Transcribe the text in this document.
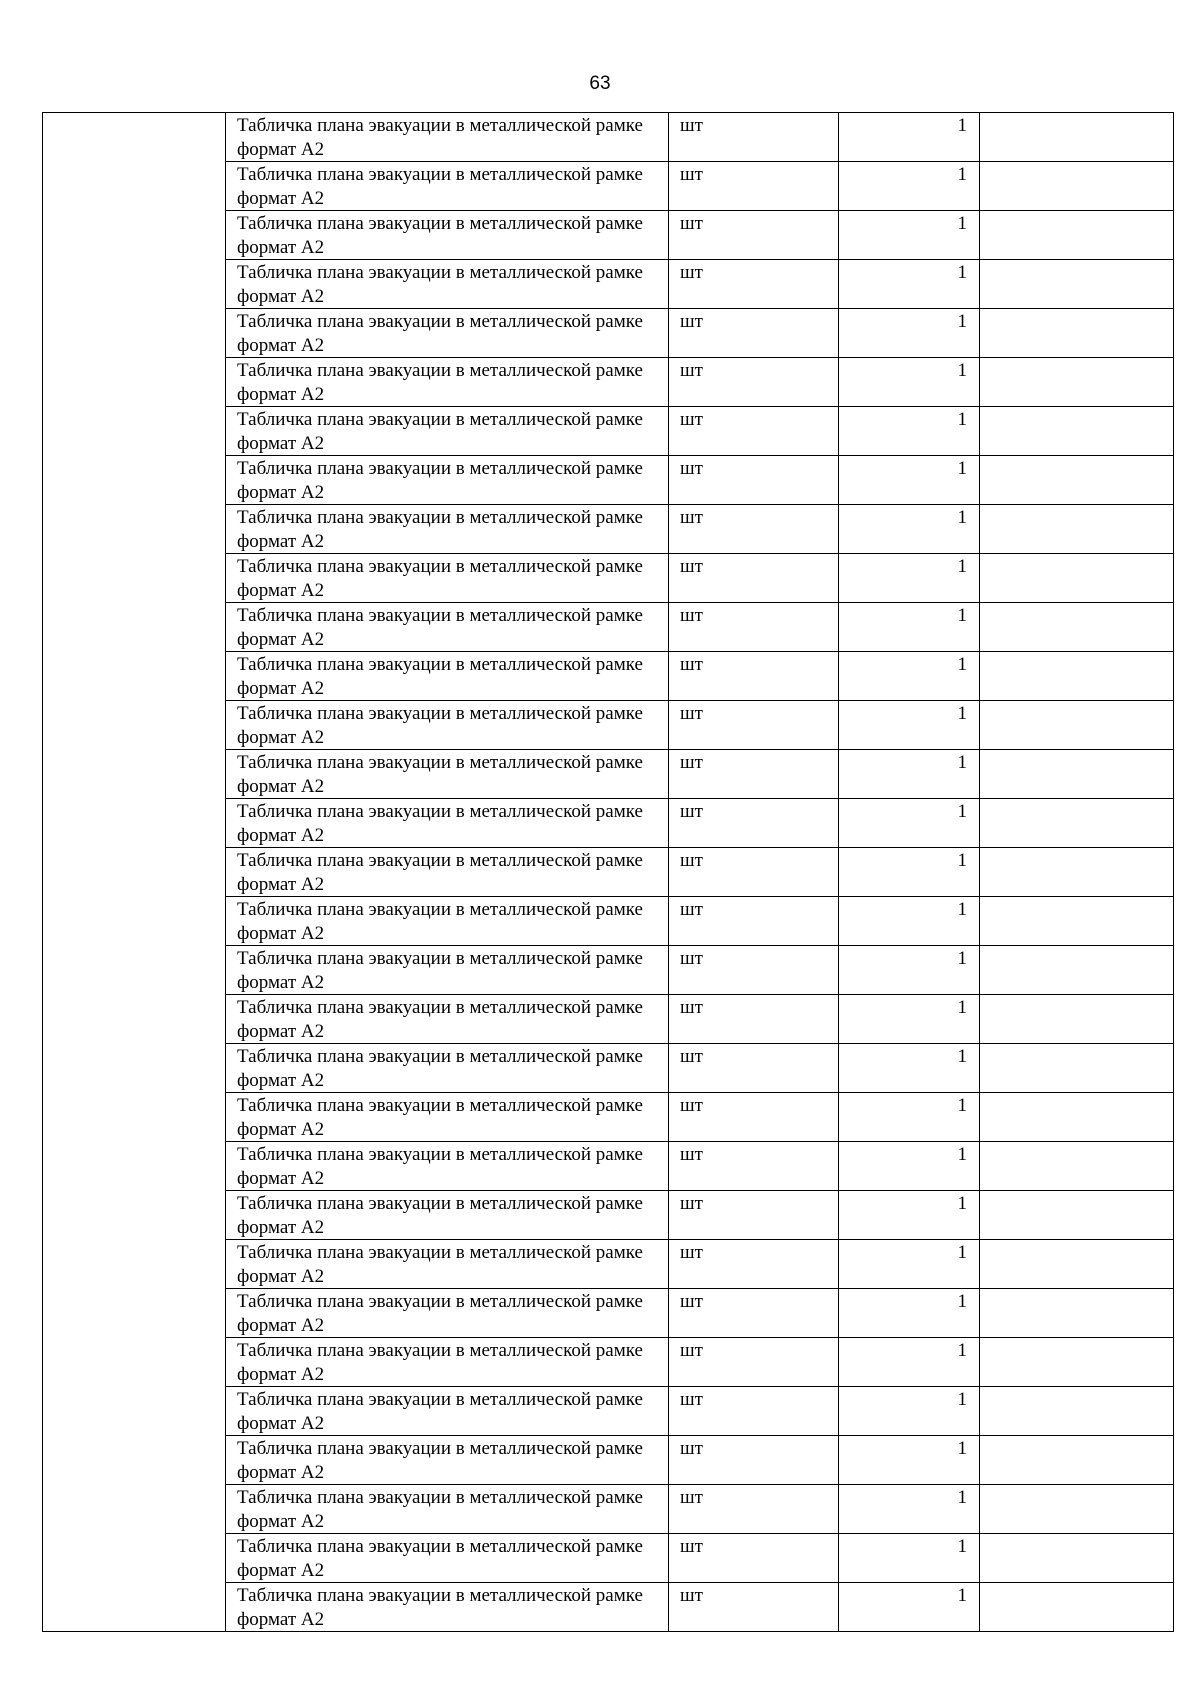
63
	Табличка плана эвакуации в металлической рамке формат А2	шт	1	
	Табличка плана эвакуации в металлической рамке формат А2	шт	1	
	Табличка плана эвакуации в металлической рамке формат А2	шт	1	
	Табличка плана эвакуации в металлической рамке формат А2	шт	1	
	Табличка плана эвакуации в металлической рамке формат А2	шт	1	
	Табличка плана эвакуации в металлической рамке формат А2	шт	1	
	Табличка плана эвакуации в металлической рамке формат А2	шт	1	
	Табличка плана эвакуации в металлической рамке формат А2	шт	1	
	Табличка плана эвакуации в металлической рамке формат А2	шт	1	
	Табличка плана эвакуации в металлической рамке формат А2	шт	1	
	Табличка плана эвакуации в металлической рамке формат А2	шт	1	
	Табличка плана эвакуации в металлической рамке формат А2	шт	1	
	Табличка плана эвакуации в металлической рамке формат А2	шт	1	
	Табличка плана эвакуации в металлической рамке формат А2	шт	1	
	Табличка плана эвакуации в металлической рамке формат А2	шт	1	
	Табличка плана эвакуации в металлической рамке формат А2	шт	1	
	Табличка плана эвакуации в металлической рамке формат А2	шт	1	
	Табличка плана эвакуации в металлической рамке формат А2	шт	1	
	Табличка плана эвакуации в металлической рамке формат А2	шт	1	
	Табличка плана эвакуации в металлической рамке формат А2	шт	1	
	Табличка плана эвакуации в металлической рамке формат А2	шт	1	
	Табличка плана эвакуации в металлической рамке формат А2	шт	1	
	Табличка плана эвакуации в металлической рамке формат А2	шт	1	
	Табличка плана эвакуации в металлической рамке формат А2	шт	1	
	Табличка плана эвакуации в металлической рамке формат А2	шт	1	
	Табличка плана эвакуации в металлической рамке формат А2	шт	1	
	Табличка плана эвакуации в металлической рамке формат А2	шт	1	
	Табличка плана эвакуации в металлической рамке формат А2	шт	1	
	Табличка плана эвакуации в металлической рамке формат А2	шт	1	
	Табличка плана эвакуации в металлической рамке формат А2	шт	1	
	Табличка плана эвакуации в металлической рамке формат А2	шт	1	
